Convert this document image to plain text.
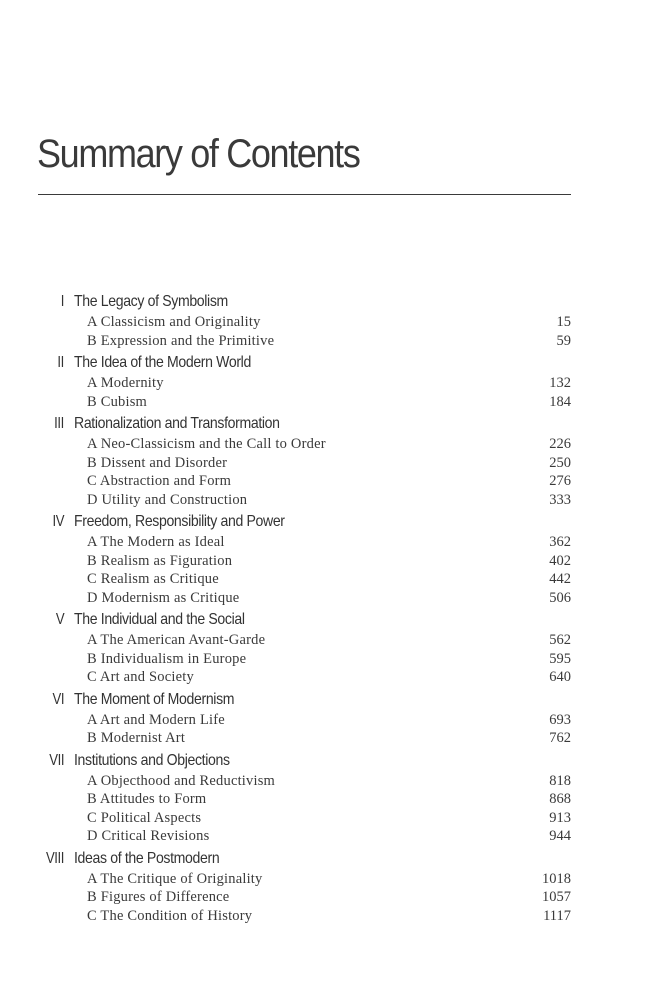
Summary of Contents
I The Legacy of Symbolism
A Classicism and Originality	15
B Expression and the Primitive	59
II The Idea of the Modern World
A Modernity	132
B Cubism	184
III Rationalization and Transformation
A Neo-Classicism and the Call to Order	226
B Dissent and Disorder	250
C Abstraction and Form	276
D Utility and Construction	333
IV Freedom, Responsibility and Power
A The Modern as Ideal	362
B Realism as Figuration	402
C Realism as Critique	442
D Modernism as Critique	506
V The Individual and the Social
A The American Avant-Garde	562
B Individualism in Europe	595
C Art and Society	640
VI The Moment of Modernism
A Art and Modern Life	693
B Modernist Art	762
VII Institutions and Objections
A Objecthood and Reductivism	818
B Attitudes to Form	868
C Political Aspects	913
D Critical Revisions	944
VIII Ideas of the Postmodern
A The Critique of Originality	1018
B Figures of Difference	1057
C The Condition of History	1117
